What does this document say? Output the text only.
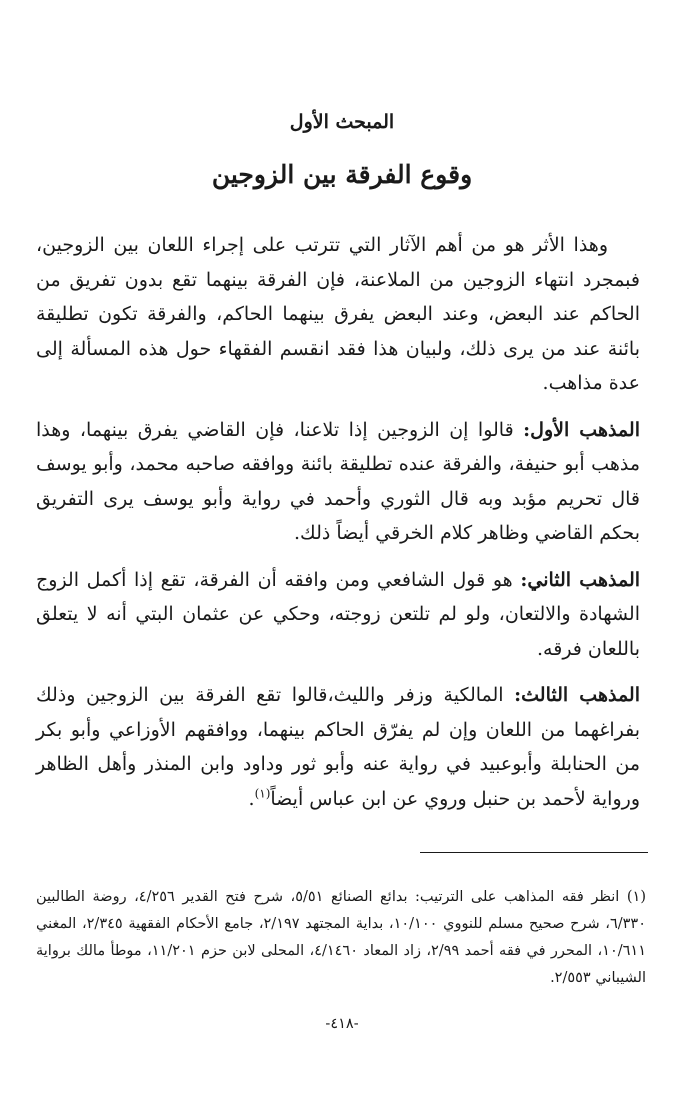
المبحث الأول
وقوع الفرقة بين الزوجين

وهذا الأثر هو من أهم الآثار التي تترتب على إجراء اللعان بين الزوجين، فبمجرد انتهاء الزوجين من الملاعنة، فإن الفرقة بينهما تقع بدون تفريق من الحاكم عند البعض، وعند البعض يفرق بينهما الحاكم، والفرقة تكون تطليقة بائنة عند من يرى ذلك، ولبيان هذا فقد انقسم الفقهاء حول هذه المسألة إلى عدة مذاهب.

المذهب الأول: قالوا إن الزوجين إذا تلاعنا، فإن القاضي يفرق بينهما، وهذا مذهب أبو حنيفة، والفرقة عنده تطليقة بائنة ووافقه صاحبه محمد، وأبو يوسف قال تحريم مؤبد وبه قال الثوري وأحمد في رواية وأبو يوسف يرى التفريق بحكم القاضي وظاهر كلام الخرقي أيضاً ذلك.

المذهب الثاني: هو قول الشافعي ومن وافقه أن الفرقة، تقع إذا أكمل الزوج الشهادة والالتعان، ولو لم تلتعن زوجته، وحكي عن عثمان البتي أنه لا يتعلق باللعان فرقه.

المذهب الثالث: المالكية وزفر والليث،قالوا تقع الفرقة بين الزوجين وذلك بفراغهما من اللعان وإن لم يفرّق الحاكم بينهما، ووافقهم الأوزاعي وأبو بكر من الحنابلة وأبوعبيد في رواية عنه وأبو ثور وداود وابن المنذر وأهل الظاهر ورواية لأحمد بن حنبل وروي عن ابن عباس أيضاً$^{(١)}$.

(١) انظر فقه المذاهب على الترتيب: بدائع الصنائع ٥/٥١، شرح فتح القدير ٤/٢٥٦، روضة الطالبين ٦/٣٣٠، شرح صحيح مسلم للنووي ١٠/١٠٠، بداية المجتهد ٢/١٩٧، جامع الأحكام الفقهية ٢/٣٤٥، المغني ١٠/٦١١، المحرر في فقه أحمد ٢/٩٩، زاد المعاد ٤/١٤٦٠، المحلى لابن حزم ١١/٢٠١، موطأ مالك برواية الشيباني ٢/٥٥٣.

-٤١٨-
